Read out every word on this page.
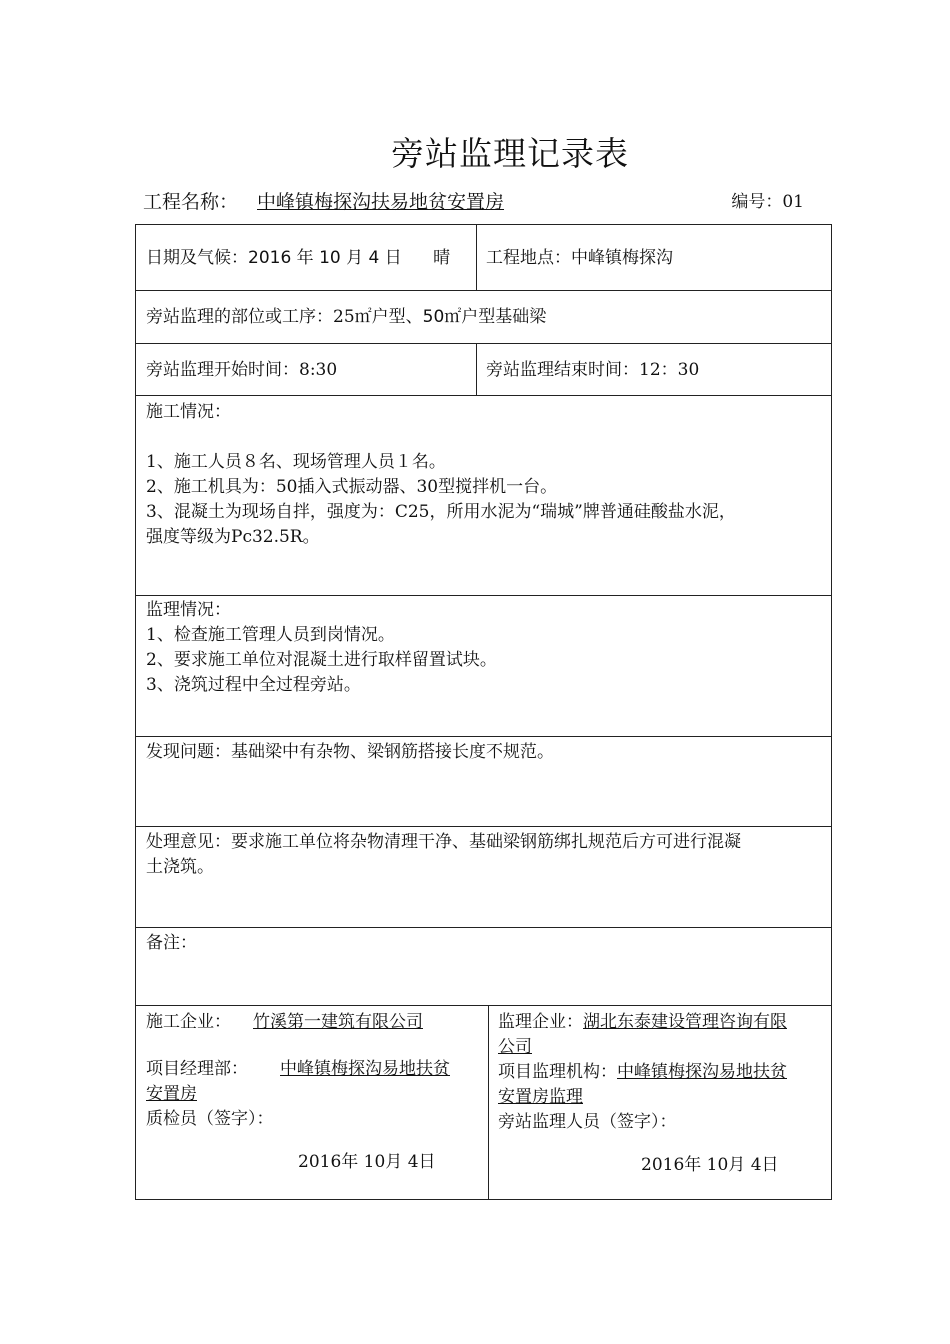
旁站监理记录表
工程名称： 中峰镇梅探沟扶易地贫安置房	编号：01
日期及气候：2016 年 10 月 4 日 晴	工程地点：中峰镇梅探沟
旁站监理的部位或工序：25㎡户型、50㎡户型基础梁
旁站监理开始时间：8:30	旁站监理结束时间：12：30
施工情况：
1、施工人员８名、现场管理人员１名。
2、施工机具为：50插入式振动器、30型搅拌机一台。
3、混凝土为现场自拌，强度为：C25，所用水泥为“瑞城”牌普通硅酸盐水泥，
强度等级为Pc32.5R。
监理情况：
1、检查施工管理人员到岗情况。
2、要求施工单位对混凝土进行取样留置试块。
3、浇筑过程中全过程旁站。
发现问题：基础梁中有杂物、梁钢筋搭接长度不规范。
处理意见：要求施工单位将杂物清理干净、基础梁钢筋绑扎规范后方可进行混凝
土浇筑。
备注：
施工企业： 竹溪第一建筑有限公司
项目经理部： 中峰镇梅探沟易地扶贫
安置房
质检员（签字）：
2016年 10月 4日
监理企业：湖北东泰建设管理咨询有限
公司
项目监理机构：中峰镇梅探沟易地扶贫
安置房监理
旁站监理人员（签字）：
2016年 10月 4日
